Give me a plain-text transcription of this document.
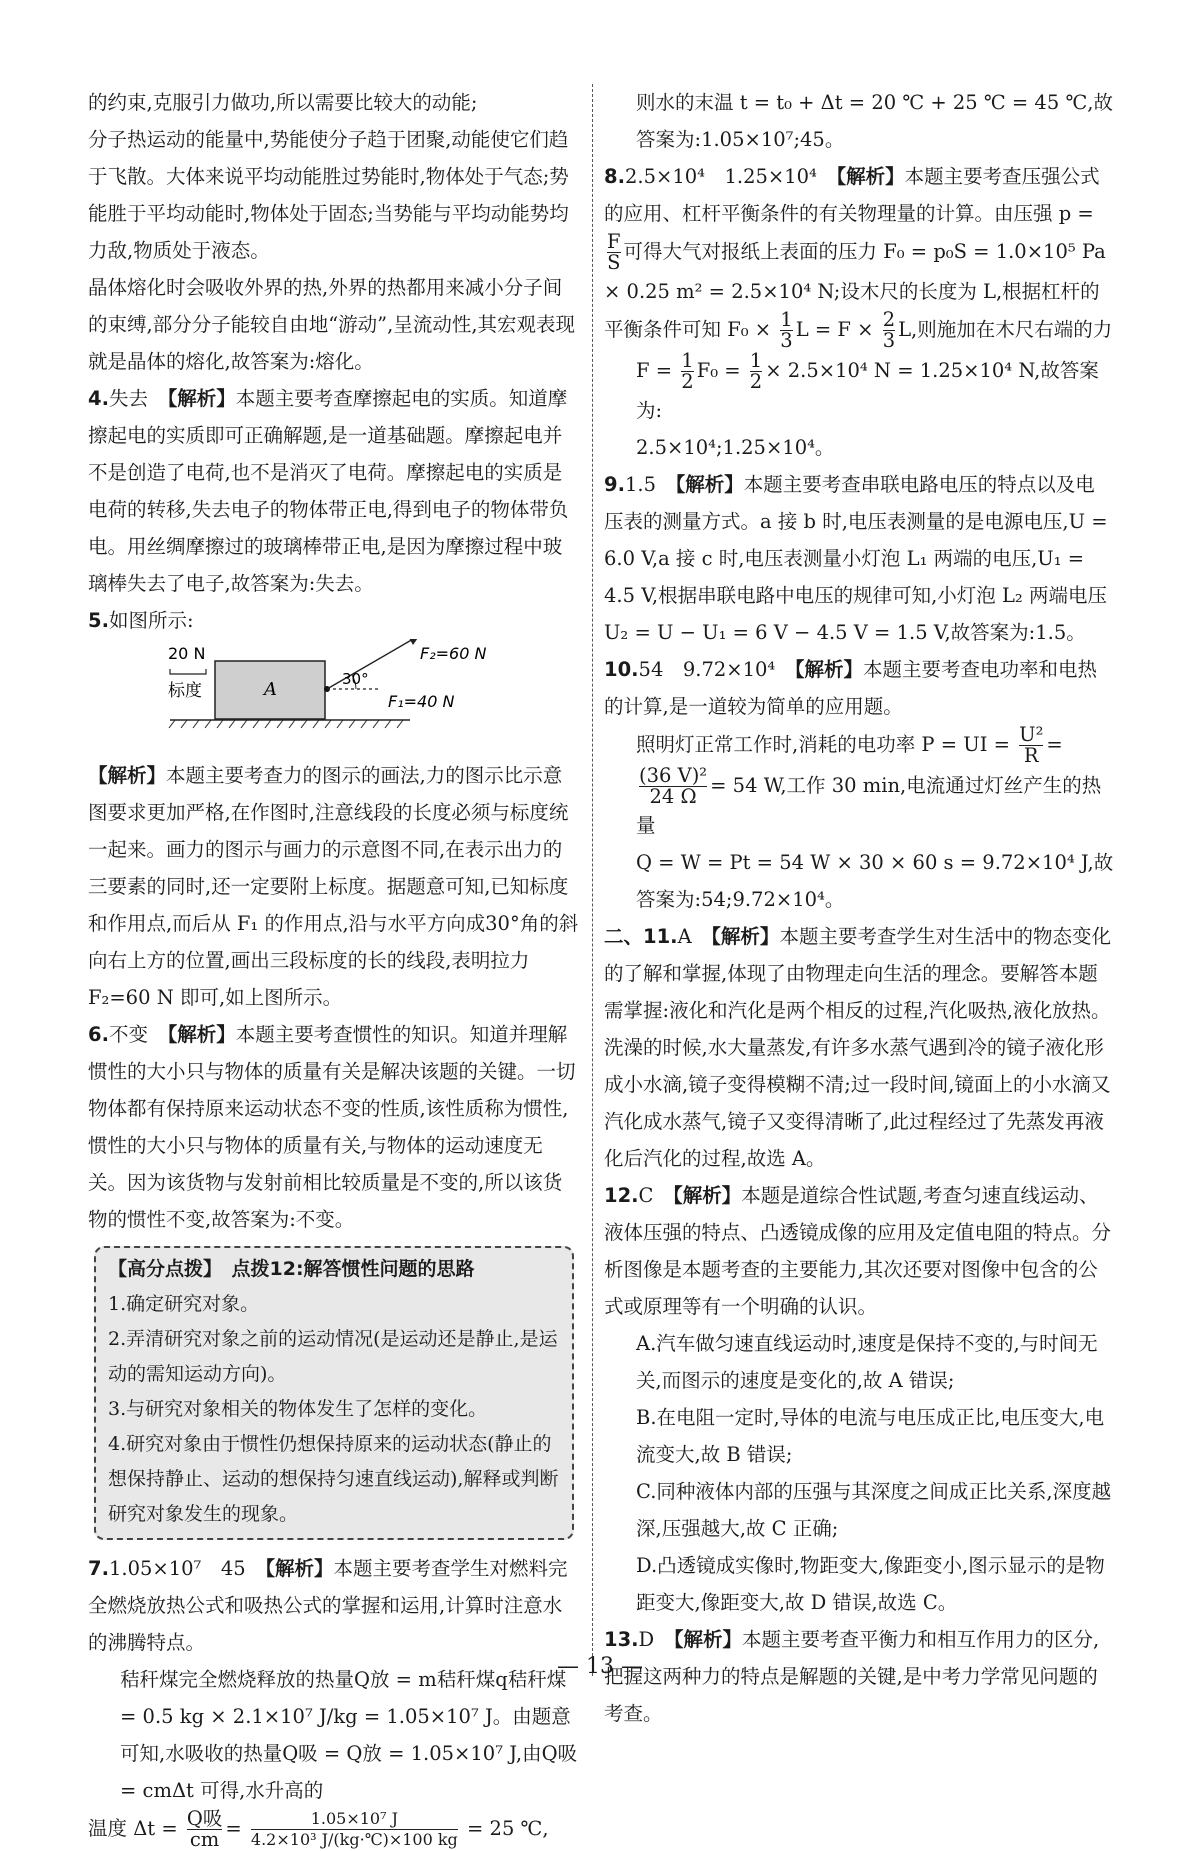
的约束,克服引力做功,所以需要比较大的动能;

分子热运动的能量中,势能使分子趋于团聚,动能使它们趋于飞散。大体来说平均动能胜过势能时,物体处于气态;势能胜于平均动能时,物体处于固态;当势能与平均动能势均力敌,物质处于液态。

晶体熔化时会吸收外界的热,外界的热都用来减小分子间的束缚,部分分子能较自由地“游动”,呈流动性,其宏观表现就是晶体的熔化,故答案为:熔化。

4.失去　 【解析】本题主要考查摩擦起电的实质。知道摩擦起电的实质即可正确解题,是一道基础题。摩擦起电并不是创造了电荷,也不是消灭了电荷。摩擦起电的实质是电荷的转移,失去电子的物体带正电,得到电子的物体带负电。用丝绸摩擦过的玻璃棒带正电,是因为摩擦过程中玻璃棒失去了电子,故答案为:失去。

5.如图所示:

20 N
标度	A	30°
F₂=60 N
F₁=40 N

【解析】本题主要考查力的图示的画法,力的图示比示意图要求更加严格,在作图时,注意线段的长度必须与标度统一起来。画力的图示与画力的示意图不同,在表示出力的三要素的同时,还一定要附上标度。据题意可知,已知标度和作用点,而后从 F₁ 的作用点,沿与水平方向成30°角的斜向右上方的位置,画出三段标度的长的线段,表明拉力 F₂=60 N 即可,如上图所示。

6.不变　 【解析】本题主要考查惯性的知识。知道并理解惯性的大小只与物体的质量有关是解决该题的关键。一切物体都有保持原来运动状态不变的性质,该性质称为惯性,惯性的大小只与物体的质量有关,与物体的运动速度无关。因为该货物与发射前相比较质量是不变的,所以该货物的惯性不变,故答案为:不变。

【高分点拨】　点拨12:解答惯性问题的思路

1.确定研究对象。

2.弄清研究对象之前的运动情况(是运动还是静止,是运动的需知运动方向)。

3.与研究对象相关的物体发生了怎样的变化。

4.研究对象由于惯性仍想保持原来的运动状态(静止的想保持静止、运动的想保持匀速直线运动),解释或判断研究对象发生的现象。

7.1.05×10⁷　45　 【解析】本题主要考查学生对燃料完全燃烧放热公式和吸热公式的掌握和运用,计算时注意水的沸腾特点。

秸秆煤完全燃烧释放的热量Q放 = m秸秆煤q秸秆煤 = 0.5 kg × 2.1×10⁷ J/kg = 1.05×10⁷ J。由题意可知,水吸收的热量Q吸 = Q放 = 1.05×10⁷ J,由Q吸 = cmΔt 可得,水升高的

温度 $\Delta t = \frac{\text{Q吸}}{cm} = \frac{\text{1.05×10⁷ J}}{\text{4.2×10³ J/(kg·℃)×100 kg}} = 25$ ℃,

则水的末温 t = t₀ + Δt = 20 ℃ + 25 ℃ = 45 ℃,故答案为:1.05×10⁷;45。

8.2.5×10⁴　1.25×10⁴　 【解析】本题主要考查压强公式的应用、杠杆平衡条件的有关物理量的计算。由压强 p =
$\frac{F}{S}$ 可得大气对报纸上表面的压力 F₀ = p₀S = 1.0×10⁵ Pa × 0.25 m² = 2.5×10⁴ N;设木尺的长度为 L,根据杠杆的平衡条件可知 $F_0 \times \frac{1}{3}$ $L = F \times \frac{2}{3} L$,则施加在木尺右端的力

$F = \frac{1}{2} F_0 = \frac{1}{2} \times 2.5\times 10^4$ N = 1.25×10⁴ N,故答案为:

2.5×10⁴;1.25×10⁴。

9.1.5　 【解析】本题主要考查串联电路电压的特点以及电压表的测量方式。a 接 b 时,电压表测量的是电源电压,U = 6.0 V,a 接 c 时,电压表测量小灯泡 L₁ 两端的电压,U₁ = 4.5 V,根据串联电路中电压的规律可知,小灯泡 L₂ 两端电压 U₂ = U − U₁ = 6 V − 4.5 V = 1.5 V,故答案为:1.5。

10.54　9.72×10⁴　 【解析】本题主要考查电功率和电热的计算,是一道较为简单的应用题。

照明灯正常工作时,消耗的电功率 P = UI = $\frac{\text{U²}}{R}$ =
$\frac{\text{(36 V)²}}{24 \Omega} = 54$ W,工作 30 min,电流通过灯丝产生的热量

Q = W = Pt = 54 W × 30 × 60 s = 9.72×10⁴ J,故答案为:54;9.72×10⁴。

二、11.A　 【解析】本题主要考查学生对生活中的物态变化的了解和掌握,体现了由物理走向生活的理念。要解答本题需掌握:液化和汽化是两个相反的过程,汽化吸热,液化放热。洗澡的时候,水大量蒸发,有许多水蒸气遇到冷的镜子液化形成小水滴,镜子变得模糊不清;过一段时间,镜面上的小水滴又汽化成水蒸气,镜子又变得清晰了,此过程经过了先蒸发再液化后汽化的过程,故选 A。

12.C　 【解析】本题是道综合性试题,考查匀速直线运动、液体压强的特点、凸透镜成像的应用及定值电阻的特点。分析图像是本题考查的主要能力,其次还要对图像中包含的公式或原理等有一个明确的认识。

A.汽车做匀速直线运动时,速度是保持不变的,与时间无关,而图示的速度是变化的,故 A 错误;

B.在电阻一定时,导体的电流与电压成正比,电压变大,电流变大,故 B 错误;

C.同种液体内部的压强与其深度之间成正比关系,深度越深,压强越大,故 C 正确;

D.凸透镜成实像时,物距变大,像距变小,图示显示的是物距变大,像距变大,故 D 错误,故选 C。

13.D　 【解析】本题主要考查平衡力和相互作用力的区分,把握这两种力的特点是解题的关键,是中考力学常见问题的考查。

— 13 —
